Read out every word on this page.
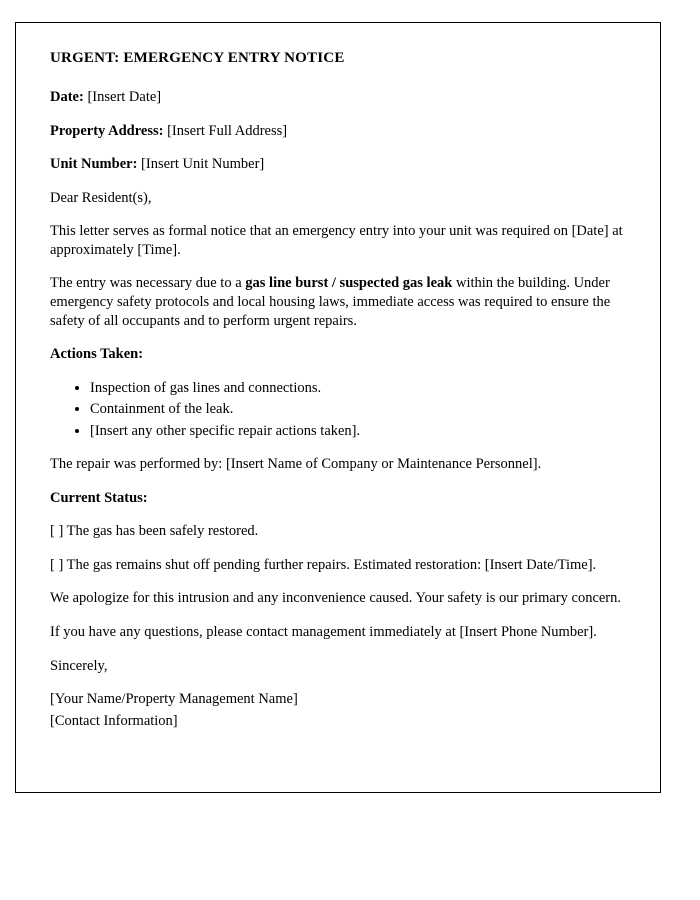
URGENT: EMERGENCY ENTRY NOTICE

Date: [Insert Date]

Property Address: [Insert Full Address]

Unit Number: [Insert Unit Number]

Dear Resident(s),

This letter serves as formal notice that an emergency entry into your unit was required on [Date] at approximately [Time].

The entry was necessary due to a gas line burst / suspected gas leak within the building. Under emergency safety protocols and local housing laws, immediate access was required to ensure the safety of all occupants and to perform urgent repairs.

Actions Taken:

• Inspection of gas lines and connections.
• Containment of the leak.
• [Insert any other specific repair actions taken].

The repair was performed by: [Insert Name of Company or Maintenance Personnel].

Current Status:

[ ] The gas has been safely restored.

[ ] The gas remains shut off pending further repairs. Estimated restoration: [Insert Date/Time].

We apologize for this intrusion and any inconvenience caused. Your safety is our primary concern.

If you have any questions, please contact management immediately at [Insert Phone Number].

Sincerely,

[Your Name/Property Management Name]

[Contact Information]
